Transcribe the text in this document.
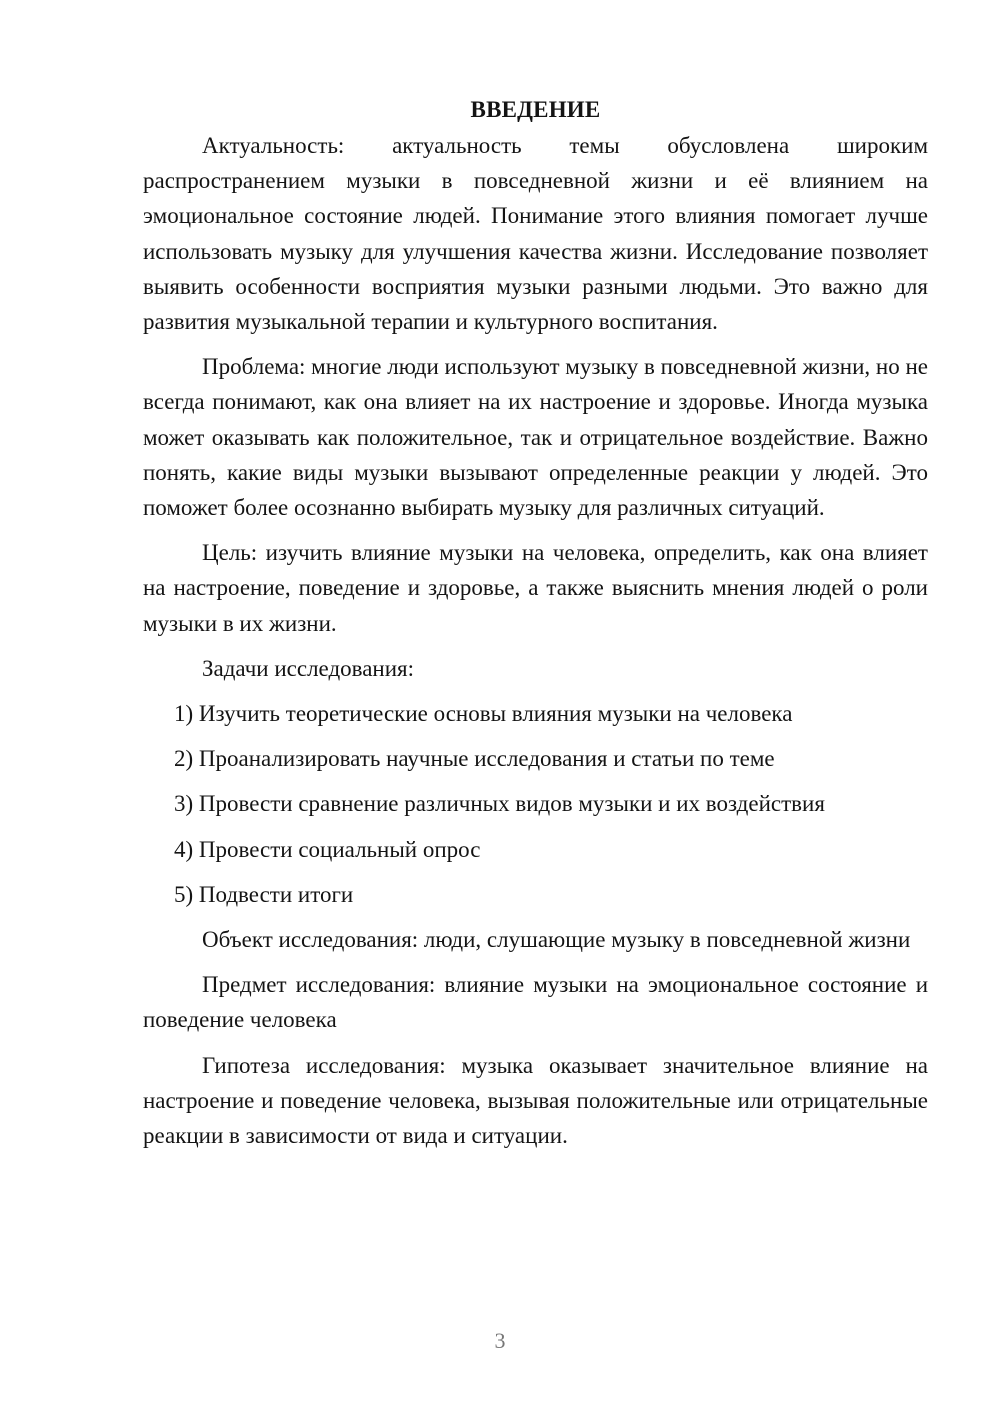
ВВЕДЕНИЕ

Актуальность: актуальность темы обусловлена широким распространением музыки в повседневной жизни и её влиянием на эмоциональное состояние людей. Понимание этого влияния помогает лучше использовать музыку для улучшения качества жизни. Исследование позволяет выявить особенности восприятия музыки разными людьми. Это важно для развития музыкальной терапии и культурного воспитания.

Проблема: многие люди используют музыку в повседневной жизни, но не всегда понимают, как она влияет на их настроение и здоровье. Иногда музыка может оказывать как положительное, так и отрицательное воздействие. Важно понять, какие виды музыки вызывают определенные реакции у людей. Это поможет более осознанно выбирать музыку для различных ситуаций.

Цель: изучить влияние музыки на человека, определить, как она влияет на настроение, поведение и здоровье, а также выяснить мнения людей о роли музыки в их жизни.

Задачи исследования:

1) Изучить теоретические основы влияния музыки на человека
2) Проанализировать научные исследования и статьи по теме
3) Провести сравнение различных видов музыки и их воздействия
4) Провести социальный опрос
5) Подвести итоги

Объект исследования: люди, слушающие музыку в повседневной жизни

Предмет исследования: влияние музыки на эмоциональное состояние и поведение человека

Гипотеза исследования: музыка оказывает значительное влияние на настроение и поведение человека, вызывая положительные или отрицательные реакции в зависимости от вида и ситуации.

3
